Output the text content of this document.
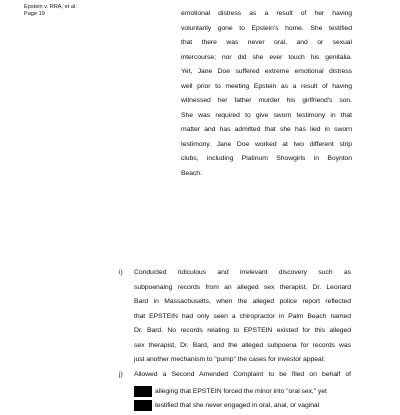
Epstein v. RRA, et al.
Page 19	emotional distress as a result of her having
voluntarily gone to Epstein's home. She testified
that there was never oral, and or sexual
intercourse; nor did she ever touch his genitalia.
Yet, Jane Doe suffered extreme emotional distress
well prior to meeting Epstein as a result of having
witnessed her father murder his girlfriend's son.
She was required to give sworn testimony in that
matter and has admitted that she has lied in sworn
testimony. Jane Doe worked at two different strip
clubs, including Platinum Showgirls in Boynton
Beach.
i) Conducted ridiculous and irrelevant discovery such as
subpoenaing records from an alleged sex therapist, Dr. Leonard
Bard in Massachusetts, when the alleged police report reflected
that EPSTEIN had only seen a chiropractor in Palm Beach named
Dr. Bard. No records relating to EPSTEIN existed for this alleged
sex therapist, Dr. Bard, and the alleged subpoena for records was
just another mechanism to "pump" the cases for investor appeal;
j) Allowed a Second Amended Complaint to be filed on behalf of
alleging that EPSTEIN forced the minor into "oral sex," yet
testified that she never engaged in oral, anal, or vaginal
